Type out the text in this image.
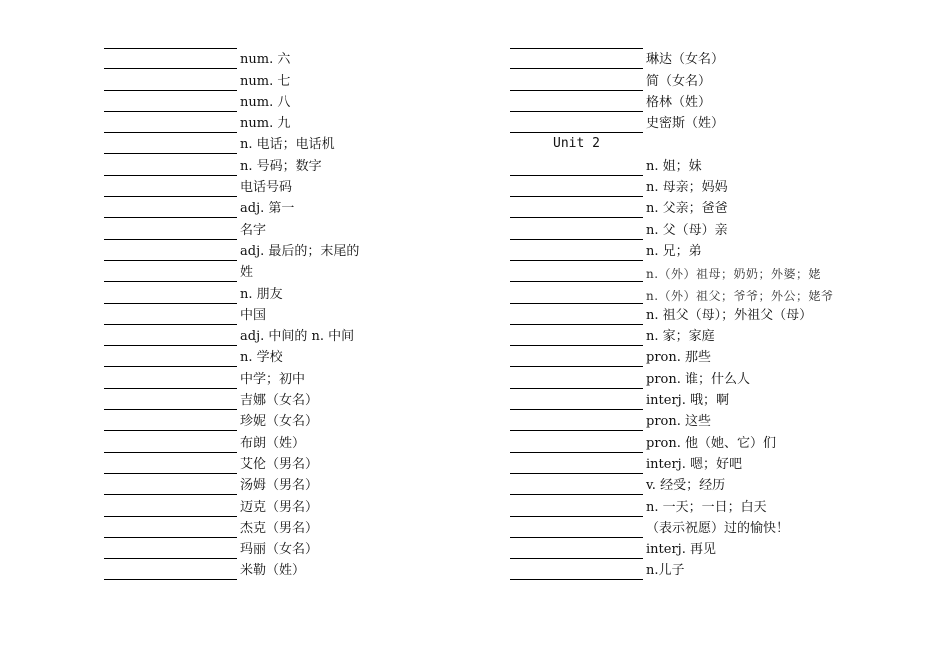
num. 六
num. 七
num. 八
num. 九
n. 电话；电话机
n. 号码；数字
电话号码
adj. 第一
名字
adj. 最后的；末尾的
姓
n. 朋友
中国
adj. 中间的 n. 中间
n. 学校
中学；初中
吉娜（女名）
珍妮（女名）
布朗（姓）
艾伦（男名）
汤姆（男名）
迈克（男名）
杰克（男名）
玛丽（女名）
米勒（姓）
琳达（女名）
简（女名）
格林（姓）
史密斯（姓）
Unit 2
n. 姐；妹
n. 母亲；妈妈
n. 父亲；爸爸
n. 父（母）亲
n. 兄；弟
n.（外）祖母；奶奶；外婆；姥
n.（外）祖父；爷爷；外公；姥爷
n. 祖父（母）；外祖父（母）
n. 家；家庭
pron. 那些
pron. 谁；什么人
interj. 哦；啊
pron. 这些
pron. 他（她、它）们
interj. 嗯；好吧
v. 经受；经历
n. 一天；一日；白天
（表示祝愿）过的愉快！
interj. 再见
n.儿子
